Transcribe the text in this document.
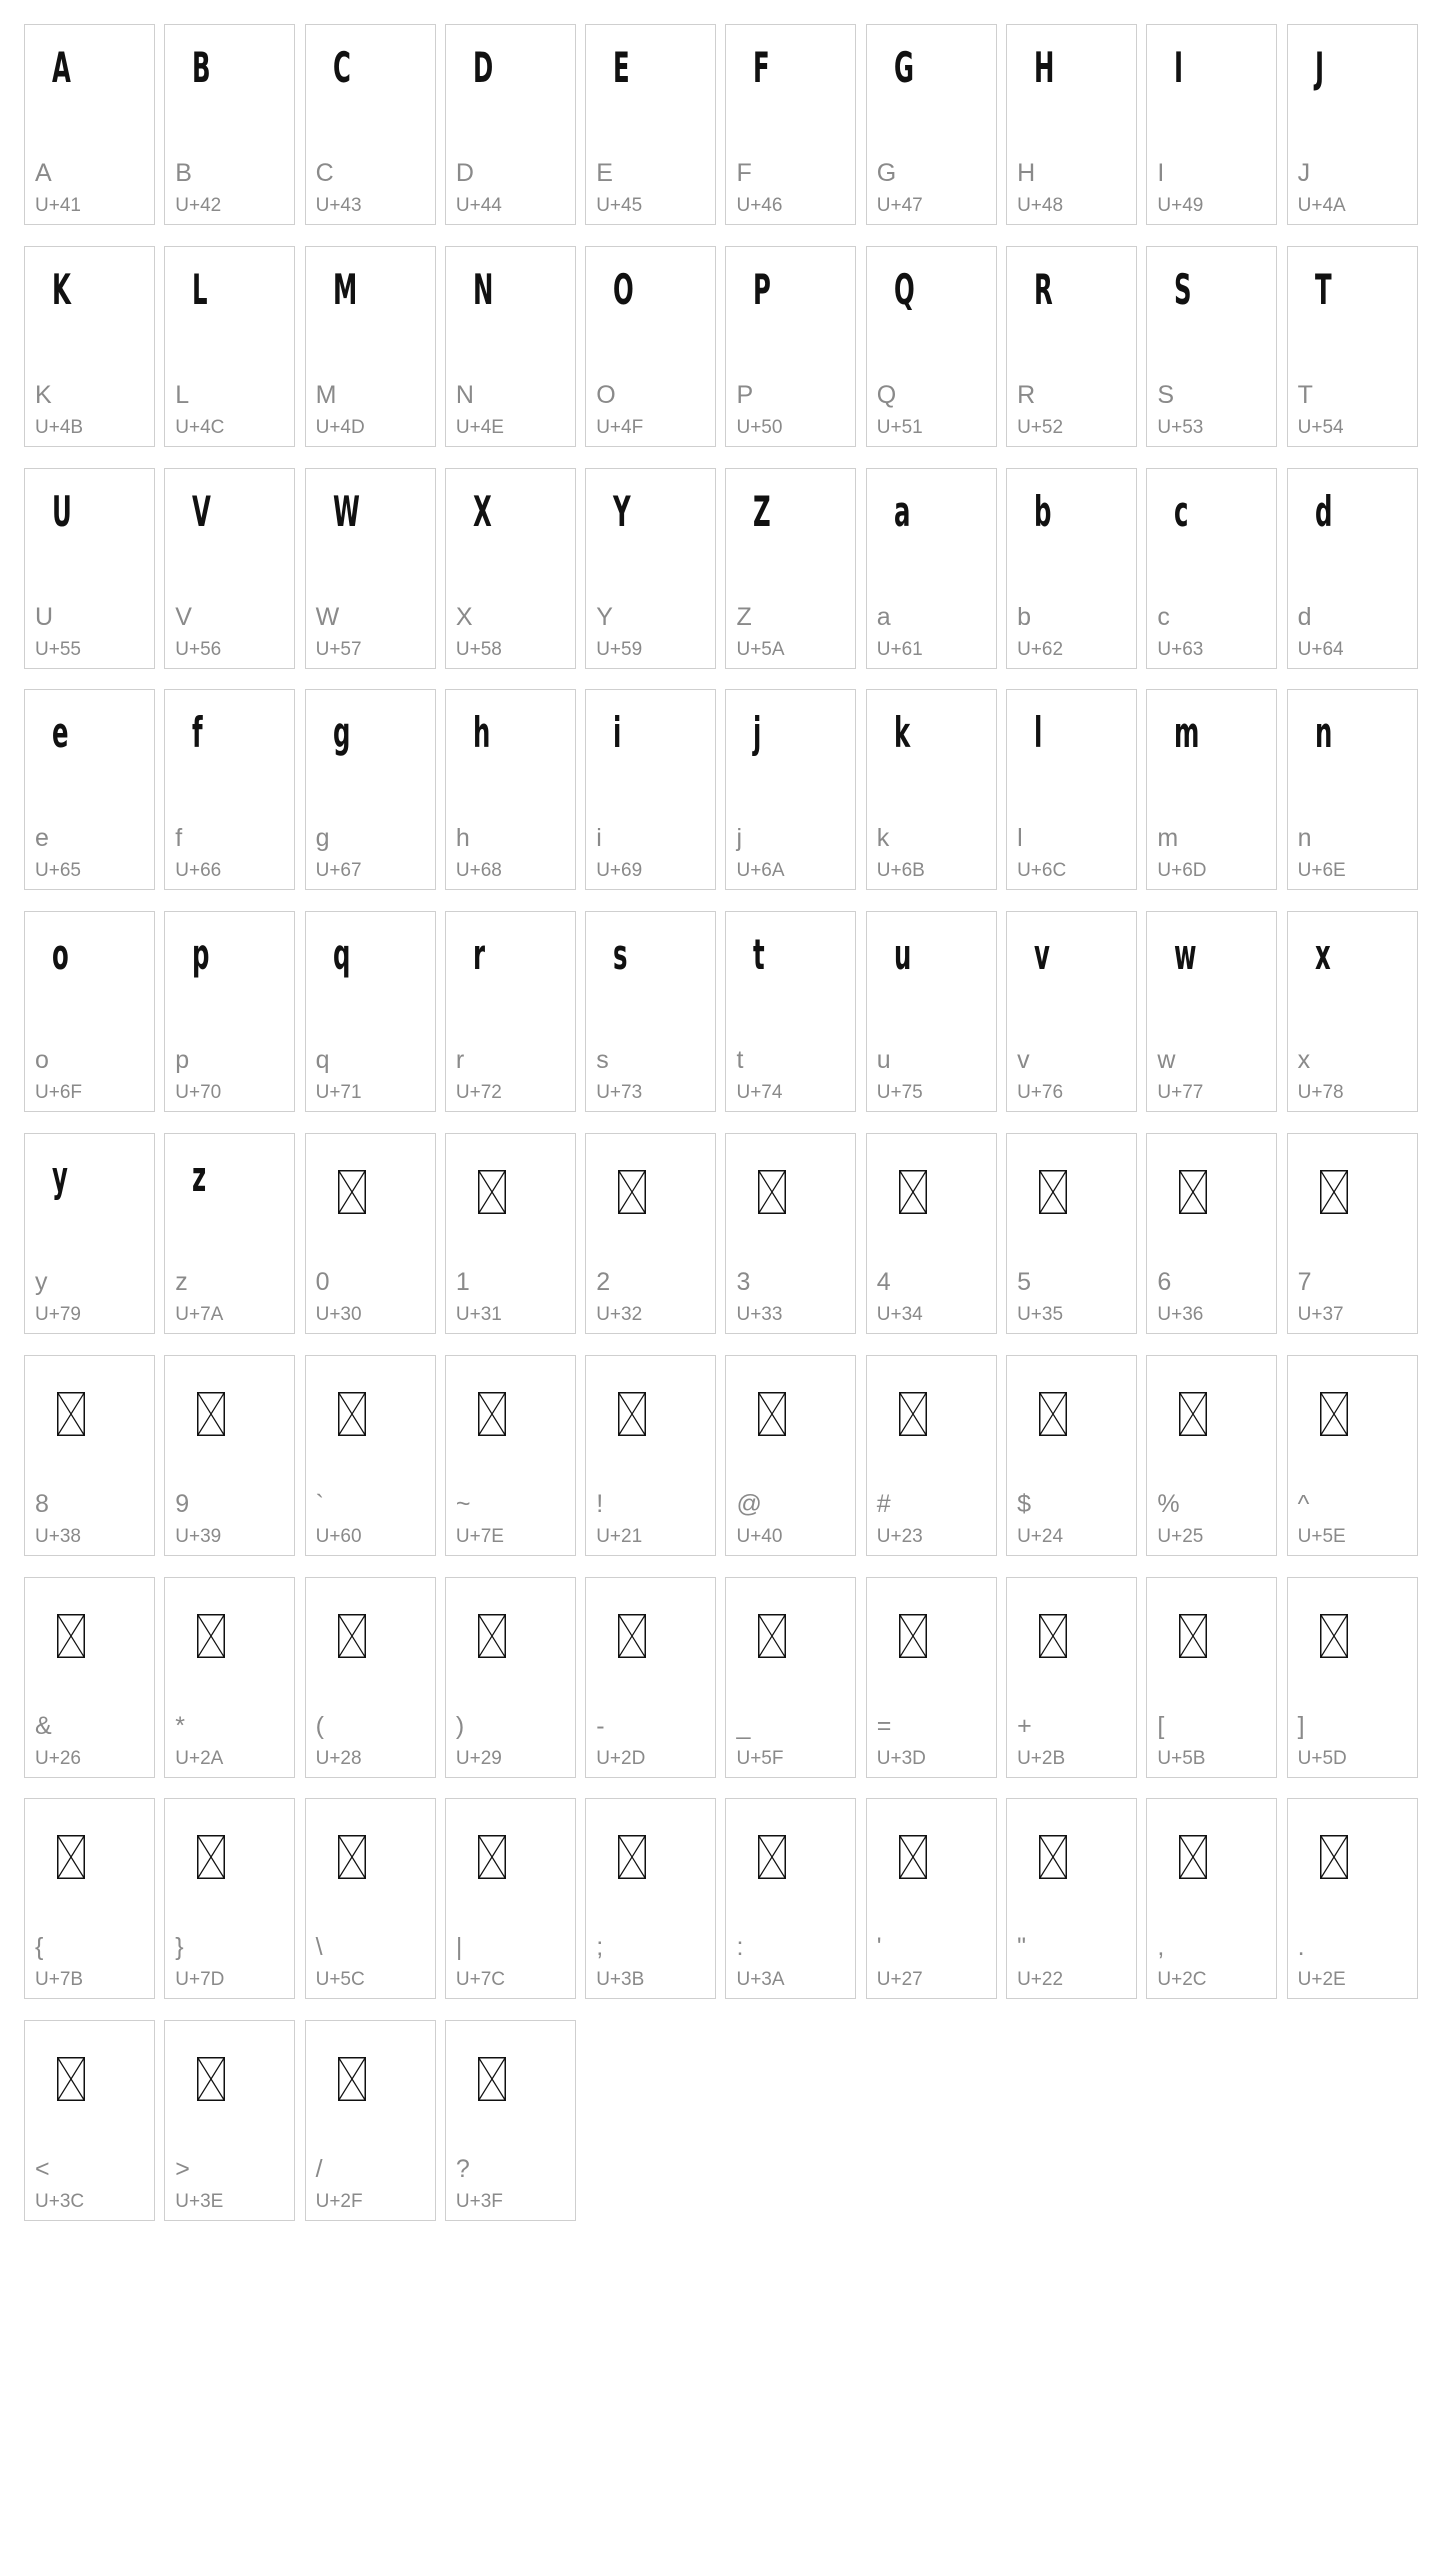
A
A
U+41
B
B
U+42
C
C
U+43
D
D
U+44
E
E
U+45
F
F
U+46
G
G
U+47
H
H
U+48
I
I
U+49
J
J
U+4A
K
K
U+4B
L
L
U+4C
M
M
U+4D
N
N
U+4E
O
O
U+4F
P
P
U+50
Q
Q
U+51
R
R
U+52
S
S
U+53
T
T
U+54
U
U
U+55
V
V
U+56
W
W
U+57
X
X
U+58
Y
Y
U+59
Z
Z
U+5A
a
a
U+61
b
b
U+62
c
c
U+63
d
d
U+64
e
e
U+65
f
f
U+66
g
g
U+67
h
h
U+68
i
i
U+69
j
j
U+6A
k
k
U+6B
l
l
U+6C
m
m
U+6D
n
n
U+6E
o
o
U+6F
p
p
U+70
q
q
U+71
r
r
U+72
s
s
U+73
t
t
U+74
u
u
U+75
v
v
U+76
w
w
U+77
x
x
U+78
y
y
U+79
z
z
U+7A
0
U+30
1
U+31
2
U+32
3
U+33
4
U+34
5
U+35
6
U+36
7
U+37
8
U+38
9
U+39
`
U+60
~
U+7E
!
U+21
@
U+40
#
U+23
$
U+24
%
U+25
^
U+5E
&
U+26
*
U+2A
(
U+28
)
U+29
-
U+2D
_
U+5F
=
U+3D
+
U+2B
[
U+5B
]
U+5D
{
U+7B
}
U+7D
\
U+5C
|
U+7C
;
U+3B
:
U+3A
'
U+27
"
U+22
,
U+2C
.
U+2E
<
U+3C
>
U+3E
/
U+2F
?
U+3F
